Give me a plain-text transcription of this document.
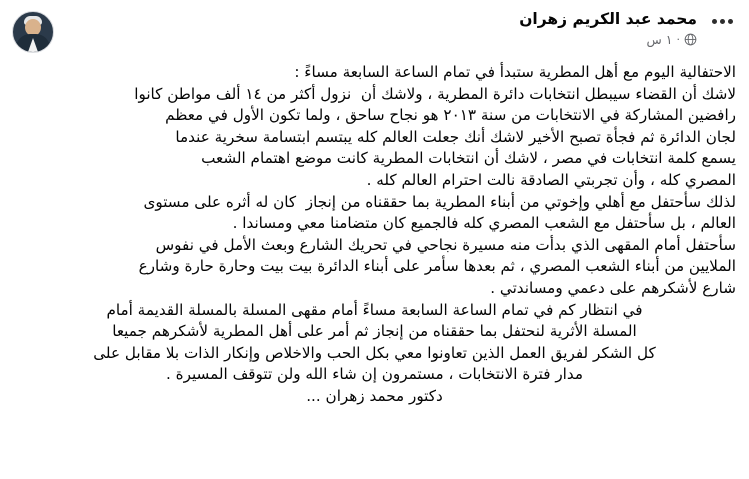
محمد عبد الكريم زهران
·
١ س

الاحتفالية اليوم مع أهل المطرية ستبدأ في تمام الساعة السابعة مساءً :

لاشك أن القضاء سيبطل انتخابات دائرة المطرية ، ولاشك أن  نزول أكثر من ١٤ ألف مواطن كانوا

رافضين المشاركة في الانتخابات من سنة ٢٠١٣ هو نجاح ساحق ، ولما تكون الأول في معظم

لجان الدائرة ثم فجأة تصبح الأخير لاشك أنك جعلت العالم كله يبتسم ابتسامة سخرية عندما

يسمع كلمة انتخابات في مصر ، لاشك أن انتخابات المطرية كانت موضع اهتمام الشعب

المصري كله ، وأن تجربتي الصادقة نالت احترام العالم كله .

لذلك سأحتفل مع أهلي وإخوتي من أبناء المطرية بما حققناه من إنجاز  كان له أثره على مستوى

العالم ، بل سأحتفل مع الشعب المصري كله فالجميع كان متضامنا معي ومساندا .

سأحتفل أمام المقهى الذي بدأت منه مسيرة نجاحي في تحريك الشارع وبعث الأمل في نفوس

الملايين من أبناء الشعب المصري ، ثم بعدها سأمر على أبناء الدائرة بيت بيت وحارة حارة وشارع

شارع لأشكرهم على دعمي ومساندتي .

في انتظار كم في تمام الساعة السابعة مساءً أمام مقهى المسلة بالمسلة القديمة أمام

المسلة الأثرية لنحتفل بما حققناه من إنجاز ثم أمر على أهل المطرية لأشكرهم جميعا

كل الشكر لفريق العمل الذين تعاونوا معي بكل الحب والاخلاص وإنكار الذات بلا مقابل على

مدار فترة الانتخابات ، مستمرون إن شاء الله ولن تتوقف المسيرة .

دكتور محمد زهران ...
